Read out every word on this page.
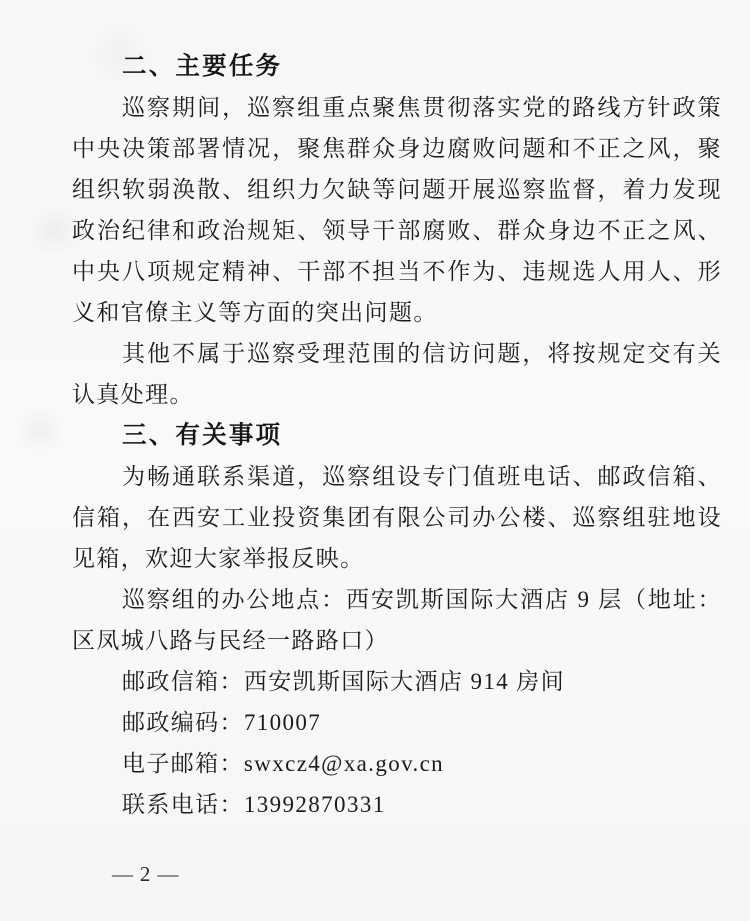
二、主要任务
巡察期间，巡察组重点聚焦贯彻落实党的路线方针政策
中央决策部署情况，聚焦群众身边腐败问题和不正之风，聚
组织软弱涣散、组织力欠缺等问题开展巡察监督，着力发现
政治纪律和政治规矩、领导干部腐败、群众身边不正之风、
中央八项规定精神、干部不担当不作为、违规选人用人、形
义和官僚主义等方面的突出问题。
其他不属于巡察受理范围的信访问题，将按规定交有关
认真处理。
三、有关事项
为畅通联系渠道，巡察组设专门值班电话、邮政信箱、
信箱，在西安工业投资集团有限公司办公楼、巡察组驻地设
见箱，欢迎大家举报反映。
巡察组的办公地点：西安凯斯国际大酒店 9 层（地址：
区凤城八路与民经一路路口）
邮政信箱：西安凯斯国际大酒店 914 房间
邮政编码：710007
电子邮箱：swxcz4@xa.gov.cn
联系电话：13992870331
— 2 —
